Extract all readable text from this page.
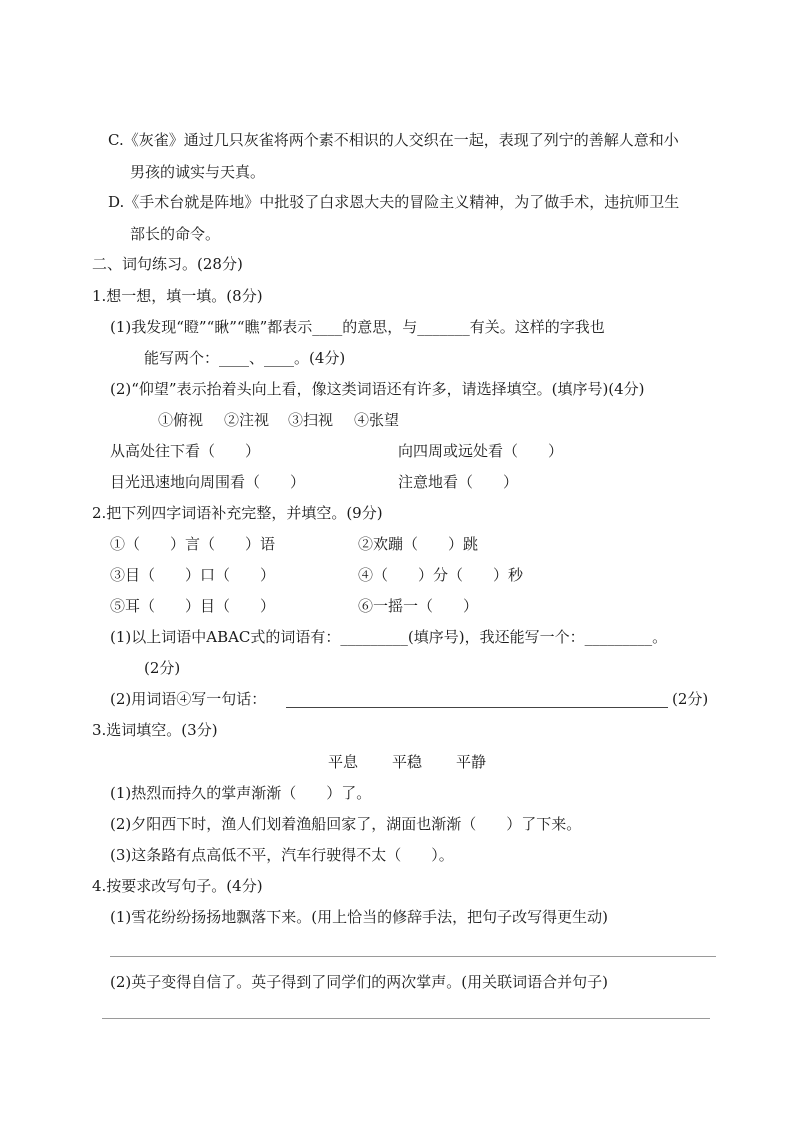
C.《灰雀》通过几只灰雀将两个素不相识的人交织在一起，表现了列宁的善解人意和小
男孩的诚实与天真。
D.《手术台就是阵地》中批驳了白求恩大夫的冒险主义精神，为了做手术，违抗师卫生
部长的命令。
二、词句练习。(28分)
1.想一想，填一填。(8分)
(1)我发现“瞪”“瞅”“瞧”都表示____的意思，与_______有关。这样的字我也
能写两个：____、____。(4分)
(2)“仰望”表示抬着头向上看，像这类词语还有许多，请选择填空。(填序号)(4分)
①俯视 ②注视 ③扫视 ④张望
从高处往下看（　　）	向四周或远处看（　　）
目光迅速地向周围看（　　）	注意地看（　　）
2.把下列四字词语补充完整，并填空。(9分)
①（　　）言（　　）语	②欢蹦（　　）跳
③目（　　）口（　　）	④（　　）分（　　）秒
⑤耳（　　）目（　　）	⑥一摇一（　　）
(1)以上词语中ABAC式的词语有：_________(填序号)，我还能写一个：_________。
(2分)
(2)用词语④写一句话：	(2分)
3.选词填空。(3分)
平息 平稳 平静
(1)热烈而持久的掌声渐渐（　　）了。
(2)夕阳西下时，渔人们划着渔船回家了，湖面也渐渐（　　）了下来。
(3)这条路有点高低不平，汽车行驶得不太（　　）。
4.按要求改写句子。(4分)
(1)雪花纷纷扬扬地飘落下来。(用上恰当的修辞手法，把句子改写得更生动)
(2)英子变得自信了。英子得到了同学们的两次掌声。(用关联词语合并句子)
